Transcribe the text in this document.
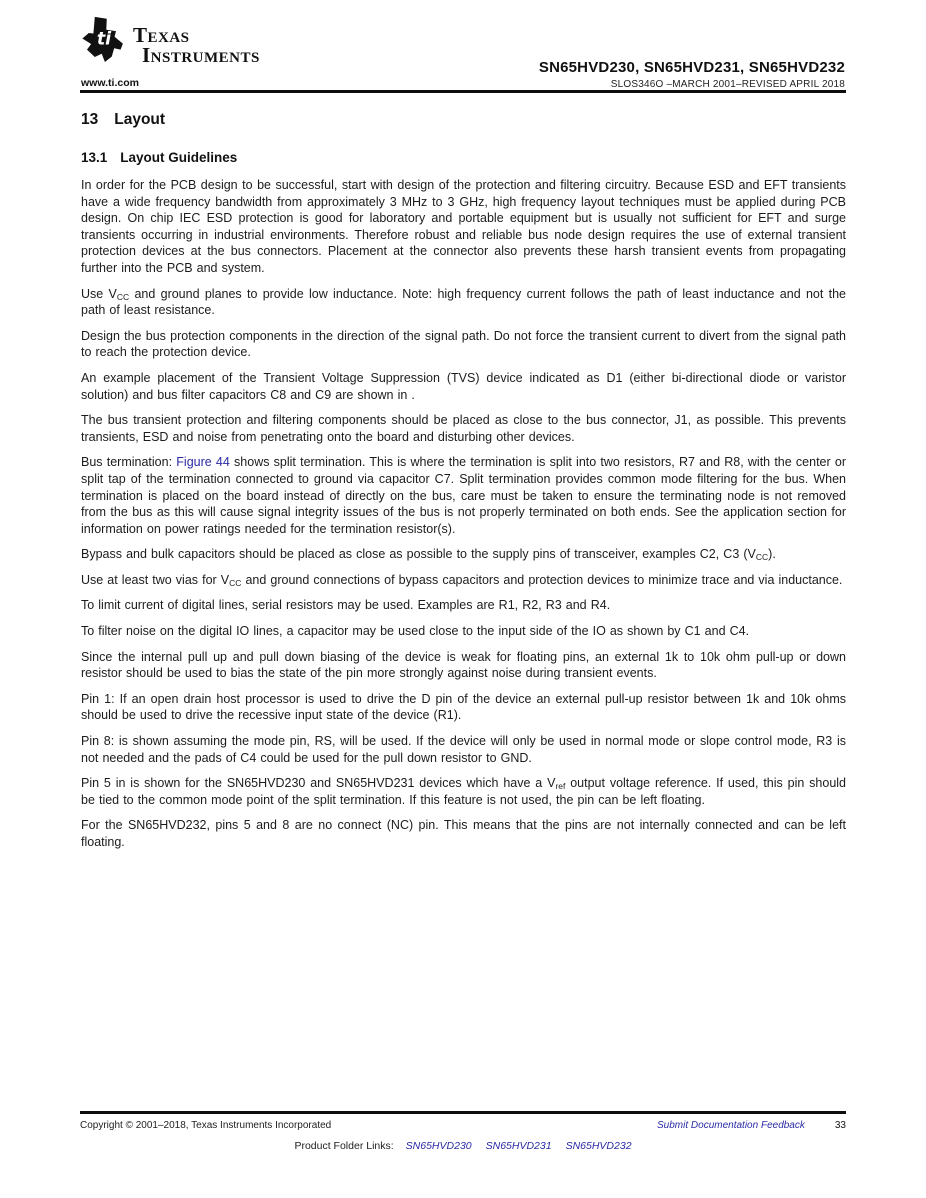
ti Texas
Instruments
www.ti.com
SN65HVD230, SN65HVD231, SN65HVD232
SLOS346O –MARCH 2001–REVISED APRIL 2018
13 Layout
13.1 Layout Guidelines

In order for the PCB design to be successful, start with design of the protection and filtering circuitry. Because ESD and EFT transients have a wide frequency bandwidth from approximately 3 MHz to 3 GHz, high frequency layout techniques must be applied during PCB design. On chip IEC ESD protection is good for laboratory and portable equipment but is usually not sufficient for EFT and surge transients occurring in industrial environments. Therefore robust and reliable bus node design requires the use of external transient protection devices at the bus connectors. Placement at the connector also prevents these harsh transient events from propagating further into the PCB and system.

Use $V_{CC}$ and ground planes to provide low inductance. Note: high frequency current follows the path of least inductance and not the path of least resistance.

Design the bus protection components in the direction of the signal path. Do not force the transient current to divert from the signal path to reach the protection device.

An example placement of the Transient Voltage Suppression (TVS) device indicated as D1 (either bi-directional diode or varistor solution) and bus filter capacitors C8 and C9 are shown in .

The bus transient protection and filtering components should be placed as close to the bus connector, J1, as possible. This prevents transients, ESD and noise from penetrating onto the board and disturbing other devices.

Bus termination: Figure 44 shows split termination. This is where the termination is split into two resistors, R7 and R8, with the center or split tap of the termination connected to ground via capacitor C7. Split termination provides common mode filtering for the bus. When termination is placed on the board instead of directly on the bus, care must be taken to ensure the terminating node is not removed from the bus as this will cause signal integrity issues of the bus is not properly terminated on both ends. See the application section for information on power ratings needed for the termination resistor(s).

Bypass and bulk capacitors should be placed as close as possible to the supply pins of transceiver, examples C2, C3 $(V_{CC})$.

Use at least two vias for $V_{CC}$ and ground connections of bypass capacitors and protection devices to minimize trace and via inductance.

To limit current of digital lines, serial resistors may be used. Examples are R1, R2, R3 and R4.

To filter noise on the digital IO lines, a capacitor may be used close to the input side of the IO as shown by C1 and C4.

Since the internal pull up and pull down biasing of the device is weak for floating pins, an external 1k to 10k ohm pull-up or down resistor should be used to bias the state of the pin more strongly against noise during transient events.

Pin 1: If an open drain host processor is used to drive the D pin of the device an external pull-up resistor between 1k and 10k ohms should be used to drive the recessive input state of the device (R1).

Pin 8: is shown assuming the mode pin, RS, will be used. If the device will only be used in normal mode or slope control mode, R3 is not needed and the pads of C4 could be used for the pull down resistor to GND.

Pin 5 in is shown for the SN65HVD230 and SN65HVD231 devices which have a $V_{ref}$ output voltage reference. If used, this pin should be tied to the common mode point of the split termination. If this feature is not used, the pin can be left floating.

For the SN65HVD232, pins 5 and 8 are no connect (NC) pin. This means that the pins are not internally connected and can be left floating.

Copyright © 2001–2018, Texas Instruments Incorporated	Submit Documentation Feedback	33
Product Folder Links: SN65HVD230 SN65HVD231 SN65HVD232
